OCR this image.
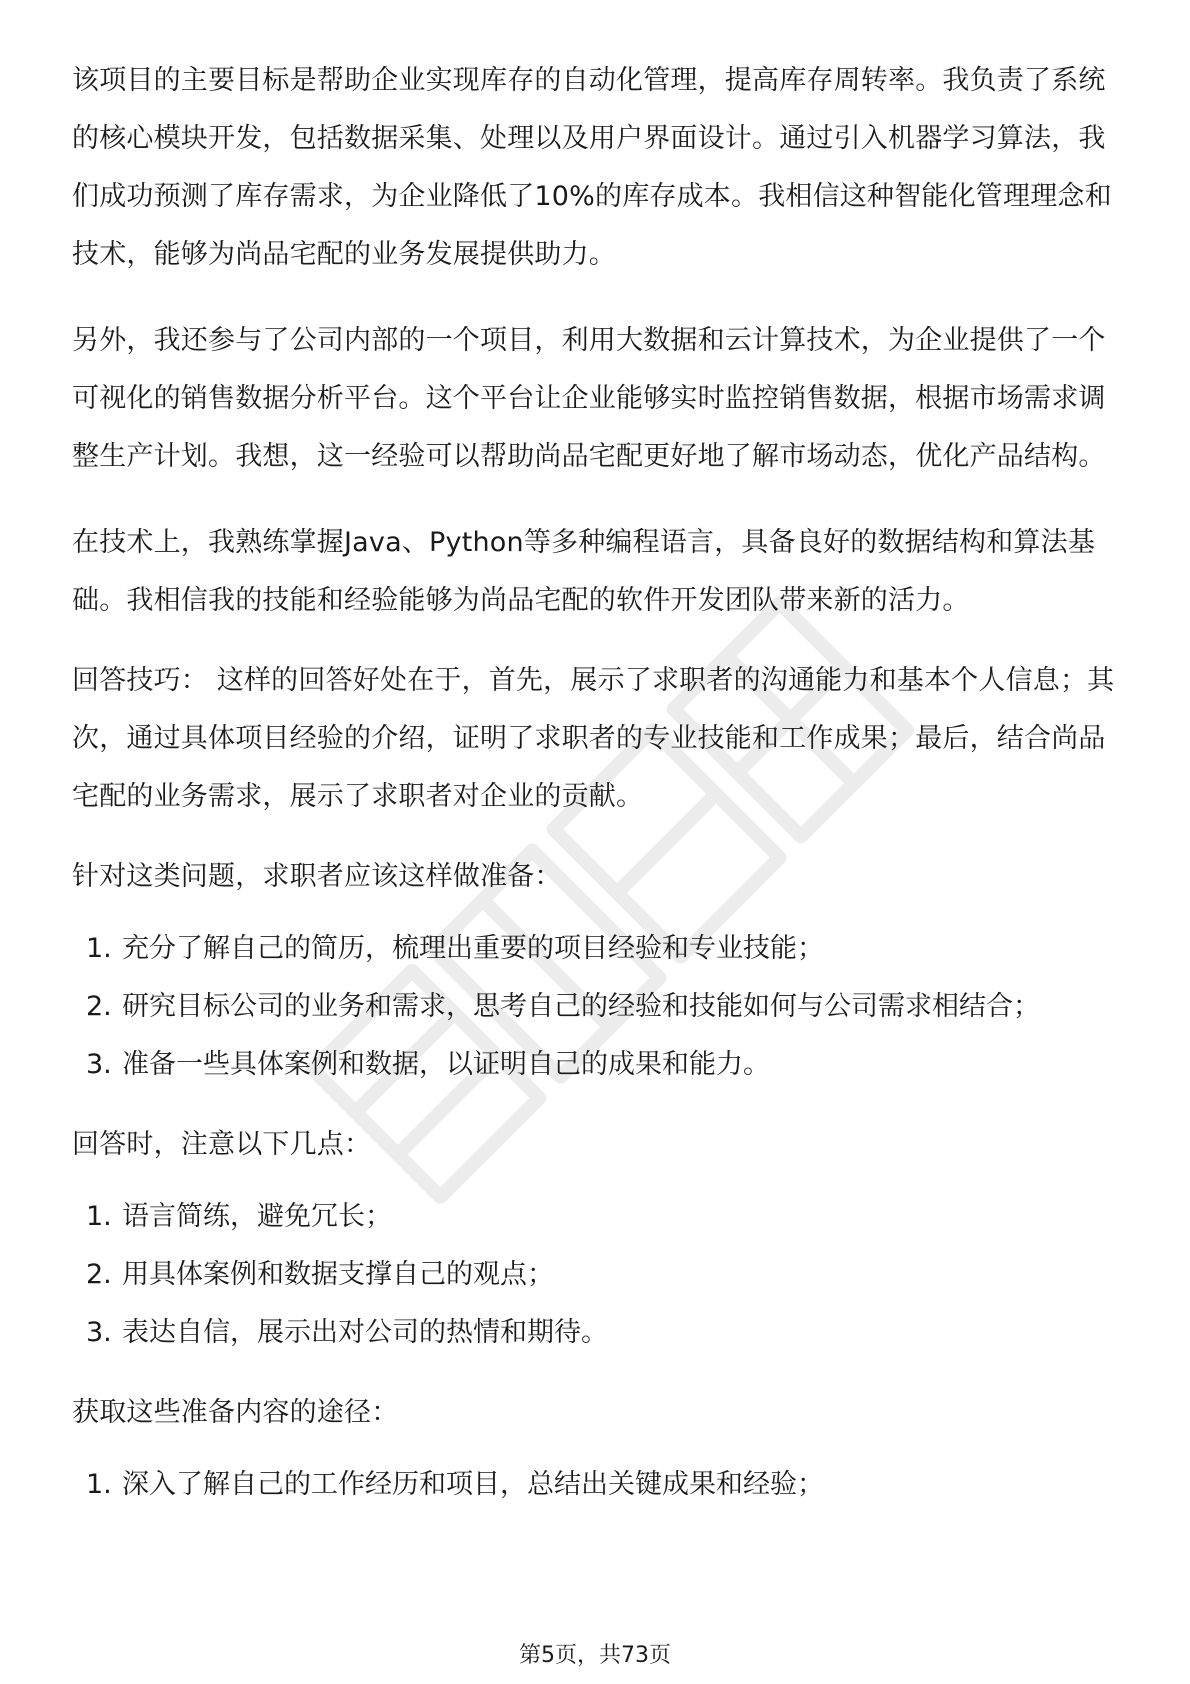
该项目的主要目标是帮助企业实现库存的自动化管理，提高库存周转率。我负责了系统的核心模块开发，包括数据采集、处理以及用户界面设计。通过引入机器学习算法，我们成功预测了库存需求，为企业降低了10%的库存成本。我相信这种智能化管理理念和技术，能够为尚品宅配的业务发展提供助力。

另外，我还参与了公司内部的一个项目，利用大数据和云计算技术，为企业提供了一个可视化的销售数据分析平台。这个平台让企业能够实时监控销售数据，根据市场需求调整生产计划。我想，这一经验可以帮助尚品宅配更好地了解市场动态，优化产品结构。

在技术上，我熟练掌握Java、Python等多种编程语言，具备良好的数据结构和算法基础。我相信我的技能和经验能够为尚品宅配的软件开发团队带来新的活力。

回答技巧： 这样的回答好处在于，首先，展示了求职者的沟通能力和基本个人信息；其次，通过具体项目经验的介绍，证明了求职者的专业技能和工作成果；最后，结合尚品宅配的业务需求，展示了求职者对企业的贡献。

针对这类问题，求职者应该这样做准备：

1. 充分了解自己的简历，梳理出重要的项目经验和专业技能；
2. 研究目标公司的业务和需求，思考自己的经验和技能如何与公司需求相结合；
3. 准备一些具体案例和数据，以证明自己的成果和能力。

回答时，注意以下几点：

1. 语言简练，避免冗长；
2. 用具体案例和数据支撑自己的观点；
3. 表达自信，展示出对公司的热情和期待。

获取这些准备内容的途径：

1. 深入了解自己的工作经历和项目，总结出关键成果和经验；
第5页，共73页
